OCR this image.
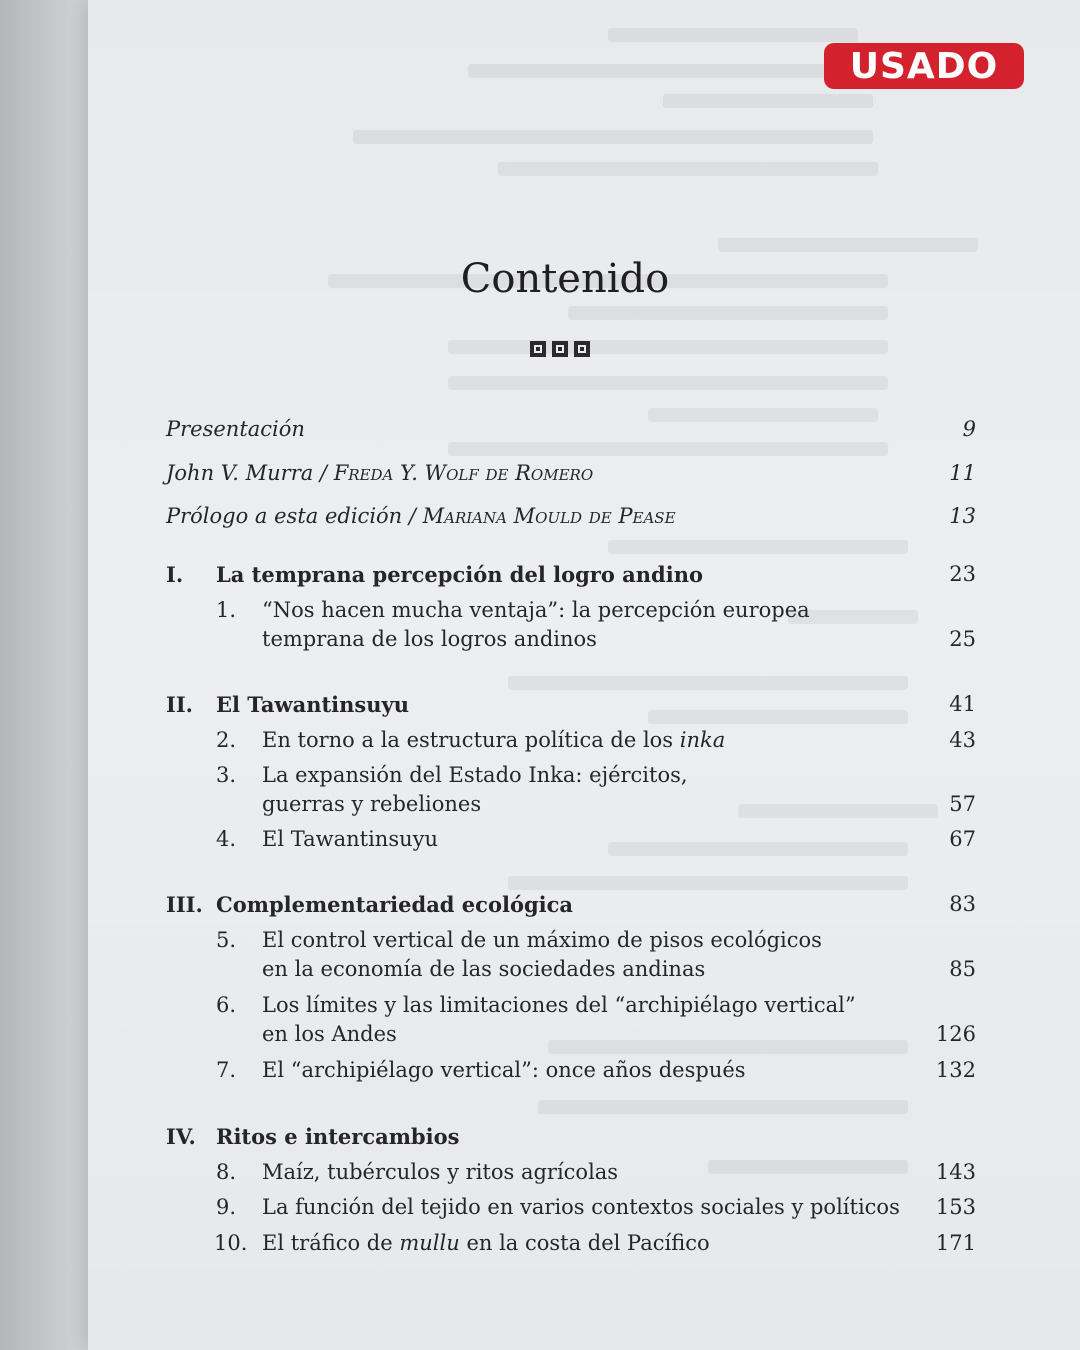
USADO
Contenido
Presentación	9
John V. Murra / Freda Y. Wolf de Romero	11
Prólogo a esta edición / Mariana Mould de Pease	13
I. La temprana percepción del logro andino	23
1. “Nos hacen mucha ventaja”: la percepción europea
temprana de los logros andinos	25
II. El Tawantinsuyu	41
2. En torno a la estructura política de los inka	43
3. La expansión del Estado Inka: ejércitos,
guerras y rebeliones	57
4. El Tawantinsuyu	67
III. Complementariedad ecológica	83
5. El control vertical de un máximo de pisos ecológicos
en la economía de las sociedades andinas	85
6. Los límites y las limitaciones del “archipiélago vertical”
en los Andes	126
7. El “archipiélago vertical”: once años después	132
IV. Ritos e intercambios
8. Maíz, tubérculos y ritos agrícolas	143
9. La función del tejido en varios contextos sociales y políticos 153
10. El tráfico de mullu en la costa del Pacífico	171
